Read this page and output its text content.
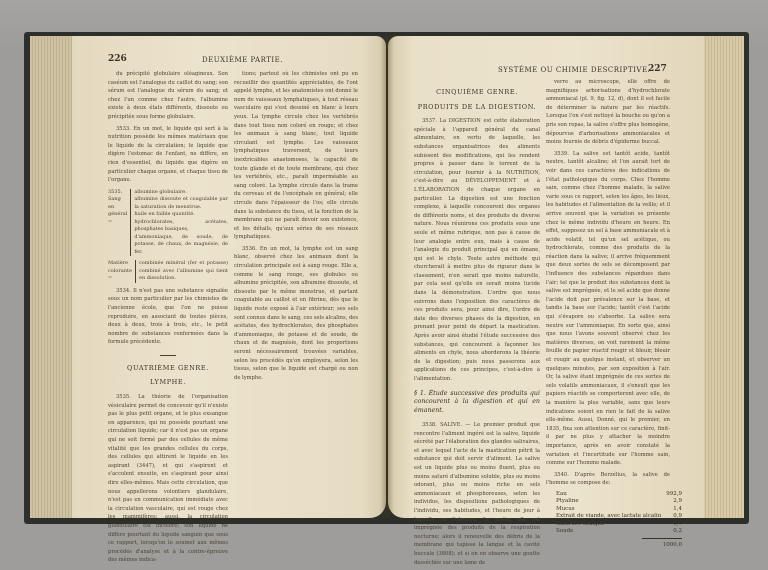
226	DEUXIÈME PARTIE.

du précipité globulaire oléagineux. Son caséum est l'analogue du caillot du sang; son sérum est l'analogue du sérum du sang; et chez l'un comme chez l'autre, l'albumine existe à deux états différents, dissoute ou précipitée sous forme globulaire.

3533. En un mot, le liquide qui sert à la nutrition possède les mêmes matériaux que le liquide de la circulation; le liquide que digère l'estomac de l'enfant, ne diffère, en rien d'essentiel, du liquide que digère en particulier chaque organe, et chaque tissu de l'organe.

3535. Sang en général =
albumine globulaire.
albumine dissoute et coagulable par la saturation de menstrue.
huile en faible quantité.
hydrochlorates, acétates, phosphates basiques,
d'ammoniaque, de soude, de potasse, de chaux, de magnésie, de fer.
Matière colorante =
combinée minéral (fer et potasse) combiné avec l'albumine qui tient en dissolution.

3534. Il n'est pas une substance signalée sous un nom particulier par les chimistes de l'ancienne école, que l'on ne puisse reproduire, en associant de toutes pièces, deux à deux, trois à trois, etc., le petit nombre de substances renfermées dans la formule précédente.

QUATRIÈME GENRE.
LYMPHE.

3535. La théorie de l'organisation vésiculaire permet de concevoir qu'il n'existe pas le plus petit organe, et le plus exsangue en apparence, qui ne possède pourtant une circulation liquide; car il n'est pas un organe qui ne soit formé par des cellules de même vitalité que les grandes cellules du corps, des cellules qui attirent le liquide en les aspirant (3447), et qui s'aspirent et s'accolent ensuite, en s'aspirant pour ainsi dire elles-mêmes. Mais cette circulation, que nous appellerons volontiers glandulaire, n'est pas en communication immédiate avec la circulation vasculaire, qui est rouge chez les mammifères; aussi, la circulation glandulaire est incolore; son liquide ne diffère pourtant du liquide sanguin que sous ce rapport, lorsqu'on le soumet aux mêmes procédés d'analyse et à la contre-épreuve des mêmes indica-

tions; partout où les chimistes ont pu en recueillir des quantités appréciables, de l'ont appelé lymphe, et les anatomistes ont donné le nom de vaisseaux lymphatiques, à tout réseau vasculaire qui s'est dessiné en blanc à leurs yeux. La lymphe circule chez les vertébrés dans tout tissu non coloré en rouge; et chez les animaux à sang blanc, tout liquide circulant est lymphe. Les vaisseaux lymphatiques traversent, de leurs inextricables anastomoses, la capacité de toute glande et de toute membrane, qui chez les vertébrés, etc., paraît imperméable au sang coloré. La lymphe circule dans la trame du cerveau et de l'encéphale en général; elle circule dans l'épaisseur de l'os; elle circule dans la substance du tissu, et la fonction de la membrane qui ne paraît devoir son existence, et les détails, qu'aux séries de ses réseaux lymphatiques.

3536. En un mot, la lymphe est un sang blanc, observé chez les animaux dont la circulation principale est à sang rouge. Elle a, comme le sang rouge, ses globules ou albumine précipitée, son albumine dissoute, et dissoute par le même menstrue, et partant coagulable au caillot et en fibrine, dès que le liquide reste exposé à l'air extérieur; ses sels sont connus dans le sang, ces sels alcalins, des acétates, des hydrochlorates, des phosphates d'ammoniaque, de potasse et de soude, de chaux et de magnésie, dont les proportions seront nécessairement trouvées variables, selon les procédés qu'on employera, selon les tissus, selon que le liquide est chargé ou non de lymphe.

SYSTÈME OU CHIMIE DESCRIPTIVE.
227
CINQUIÈME GENRE.
PRODUITS DE LA DIGESTION.

3537. La DIGESTION est cette élaboration spéciale à l'appareil général du canal alimentaire, en vertu de laquelle, les substances organisatrices des aliments subissent des modifications, qui les rendent propres à passer dans le torrent de la circulation, pour fournir à la NUTRITION, c'est-à-dire au DÉVELOPPEMENT et à L'ÉLABORATION de chaque organe en particulier. La digestion est une fonction complexe, à laquelle concourent des organes de différents noms, et des produits de diverse nature. Nous réunirons ces produits sous une seule et même rubrique, non pas à cause de leur analogie entre eux, mais à cause de l'analogie du produit principal qui en émane, qui est le chyle. Toute autre méthode qui chercherait à mettre plus de rigueur dans le classement, n'en serait que moins naturelle, par cela seul qu'elle en serait moins lucide dans la démonstration. L'ordre que nous suivrons dans l'exposition des caractères de ces produits sera, pour ainsi dire, l'ordre de date des diverses phases de la digestion, en prenant pour point de départ la mastication. Après avoir ainsi étudié l'étude successive des substances, qui concourent à façonner les aliments en chyle, nous aborderons la théorie de la digestion; puis nous passerons aux applications de ces principes, c'est-à-dire à l'alimentation.

§ 1. Étude successive des produits qui concourent à la digestion et qui en émanent.

3538. SALIVE. — Le premier produit que rencontre l'aliment ingéré est la salive, liquide sécrété par l'élaboration des glandes salivaires, et avec lequel l'acte de la mastication pétrit la substance qui doit servir d'aliment. La salive est un liquide plus ou moins fluent, plus ou moins saturé d'albumine soluble, plus ou moins odorant, plus ou moins riche en sels ammoniacaux et phosphoreuses, selon les individus, les dispositions pathologiques de l'individu, ses habitudes, et l'heure de jour à laquelle on l'observe. Le matin, elle est imprégnée des produits de la respiration nocturne; alors il renouvelle des débris de la membrane qui tapisse la langue et la cavité buccale (3808); et si on en observe une goutte desséchée sur une lame de

verre au microscope, elle offre de magnifiques arborisations d'hydrochlorate ammoniacal (pl. 9, fig. 12, d), dont il est facile de déterminer la nature par les réactifs. Lorsque l'on s'est nettoyé la bouche ou qu'on a pris son repas, la salive s'offre plus homogène, dépourvue d'arborisations ammoniacales et moins fournie de débris d'épiderme buccal.

3539. La salive est tantôt acide, tantôt neutre, tantôt alcaline; et l'on aurait tort de voir dans ces caractères des indications de l'état pathologique du corps. Chez l'homme sain, comme chez l'homme malade, la salive varie sous ce rapport, selon les âges, les lieux, les habitudes et l'alimentation de la veille; et il arrive souvent que la variation se présente chez le même individu d'heure en heure. En effet, supposez un sel à base ammoniacale et à acide volatil, tel qu'un sel acétique, ou hydrochlorate, comme des produits de la réaction dans la salive; il arrive fréquemment que deux sortes de sels se décomposent par l'influence des substances répandues dans l'air; tel que le produit des substances dont la salive est imprégnée, et le sel acide que donne l'acide doit par prévalence sur la base, et tandis la base sur l'acide; tantôt c'est l'acide qui s'évapore ou s'absorbe. La salive sera neutre sur l'ammoniaque. En sorte que, ainsi que nous l'avons souvent observé chez les matières diverses, on voit rarement la même feuille de papier réactif rougir et bleuir, bleuir et rougir au quelque instant, et observer un quelques minutes, par son exposition à l'air. Or, la salive étant imprégnée de ces sortes de sels volatils ammoniacaux, il s'ensuit que les papiers réactifs se comporteront avec elle, de la manière la plus variable, sans que leurs indications soient en rien le fait de la salive elle-même. Aussi, Donné, qui le premier, en 1835, fixa son attention sur ce caractère, finit-il par ne plus y attacher la moindre importance, après en avoir constaté la variation et l'incertitude sur l'homme sain, comme sur l'homme malade.

3540. D'après Berzélius, la salive de l'homme se compose de:

Eau	992,9
Ptyaline	2,9
Mucus	1,4
Extrait de viande, avec lactate alcalin	0,9
Chlorure sodique	1,7
Soude	0,2
1000,0
